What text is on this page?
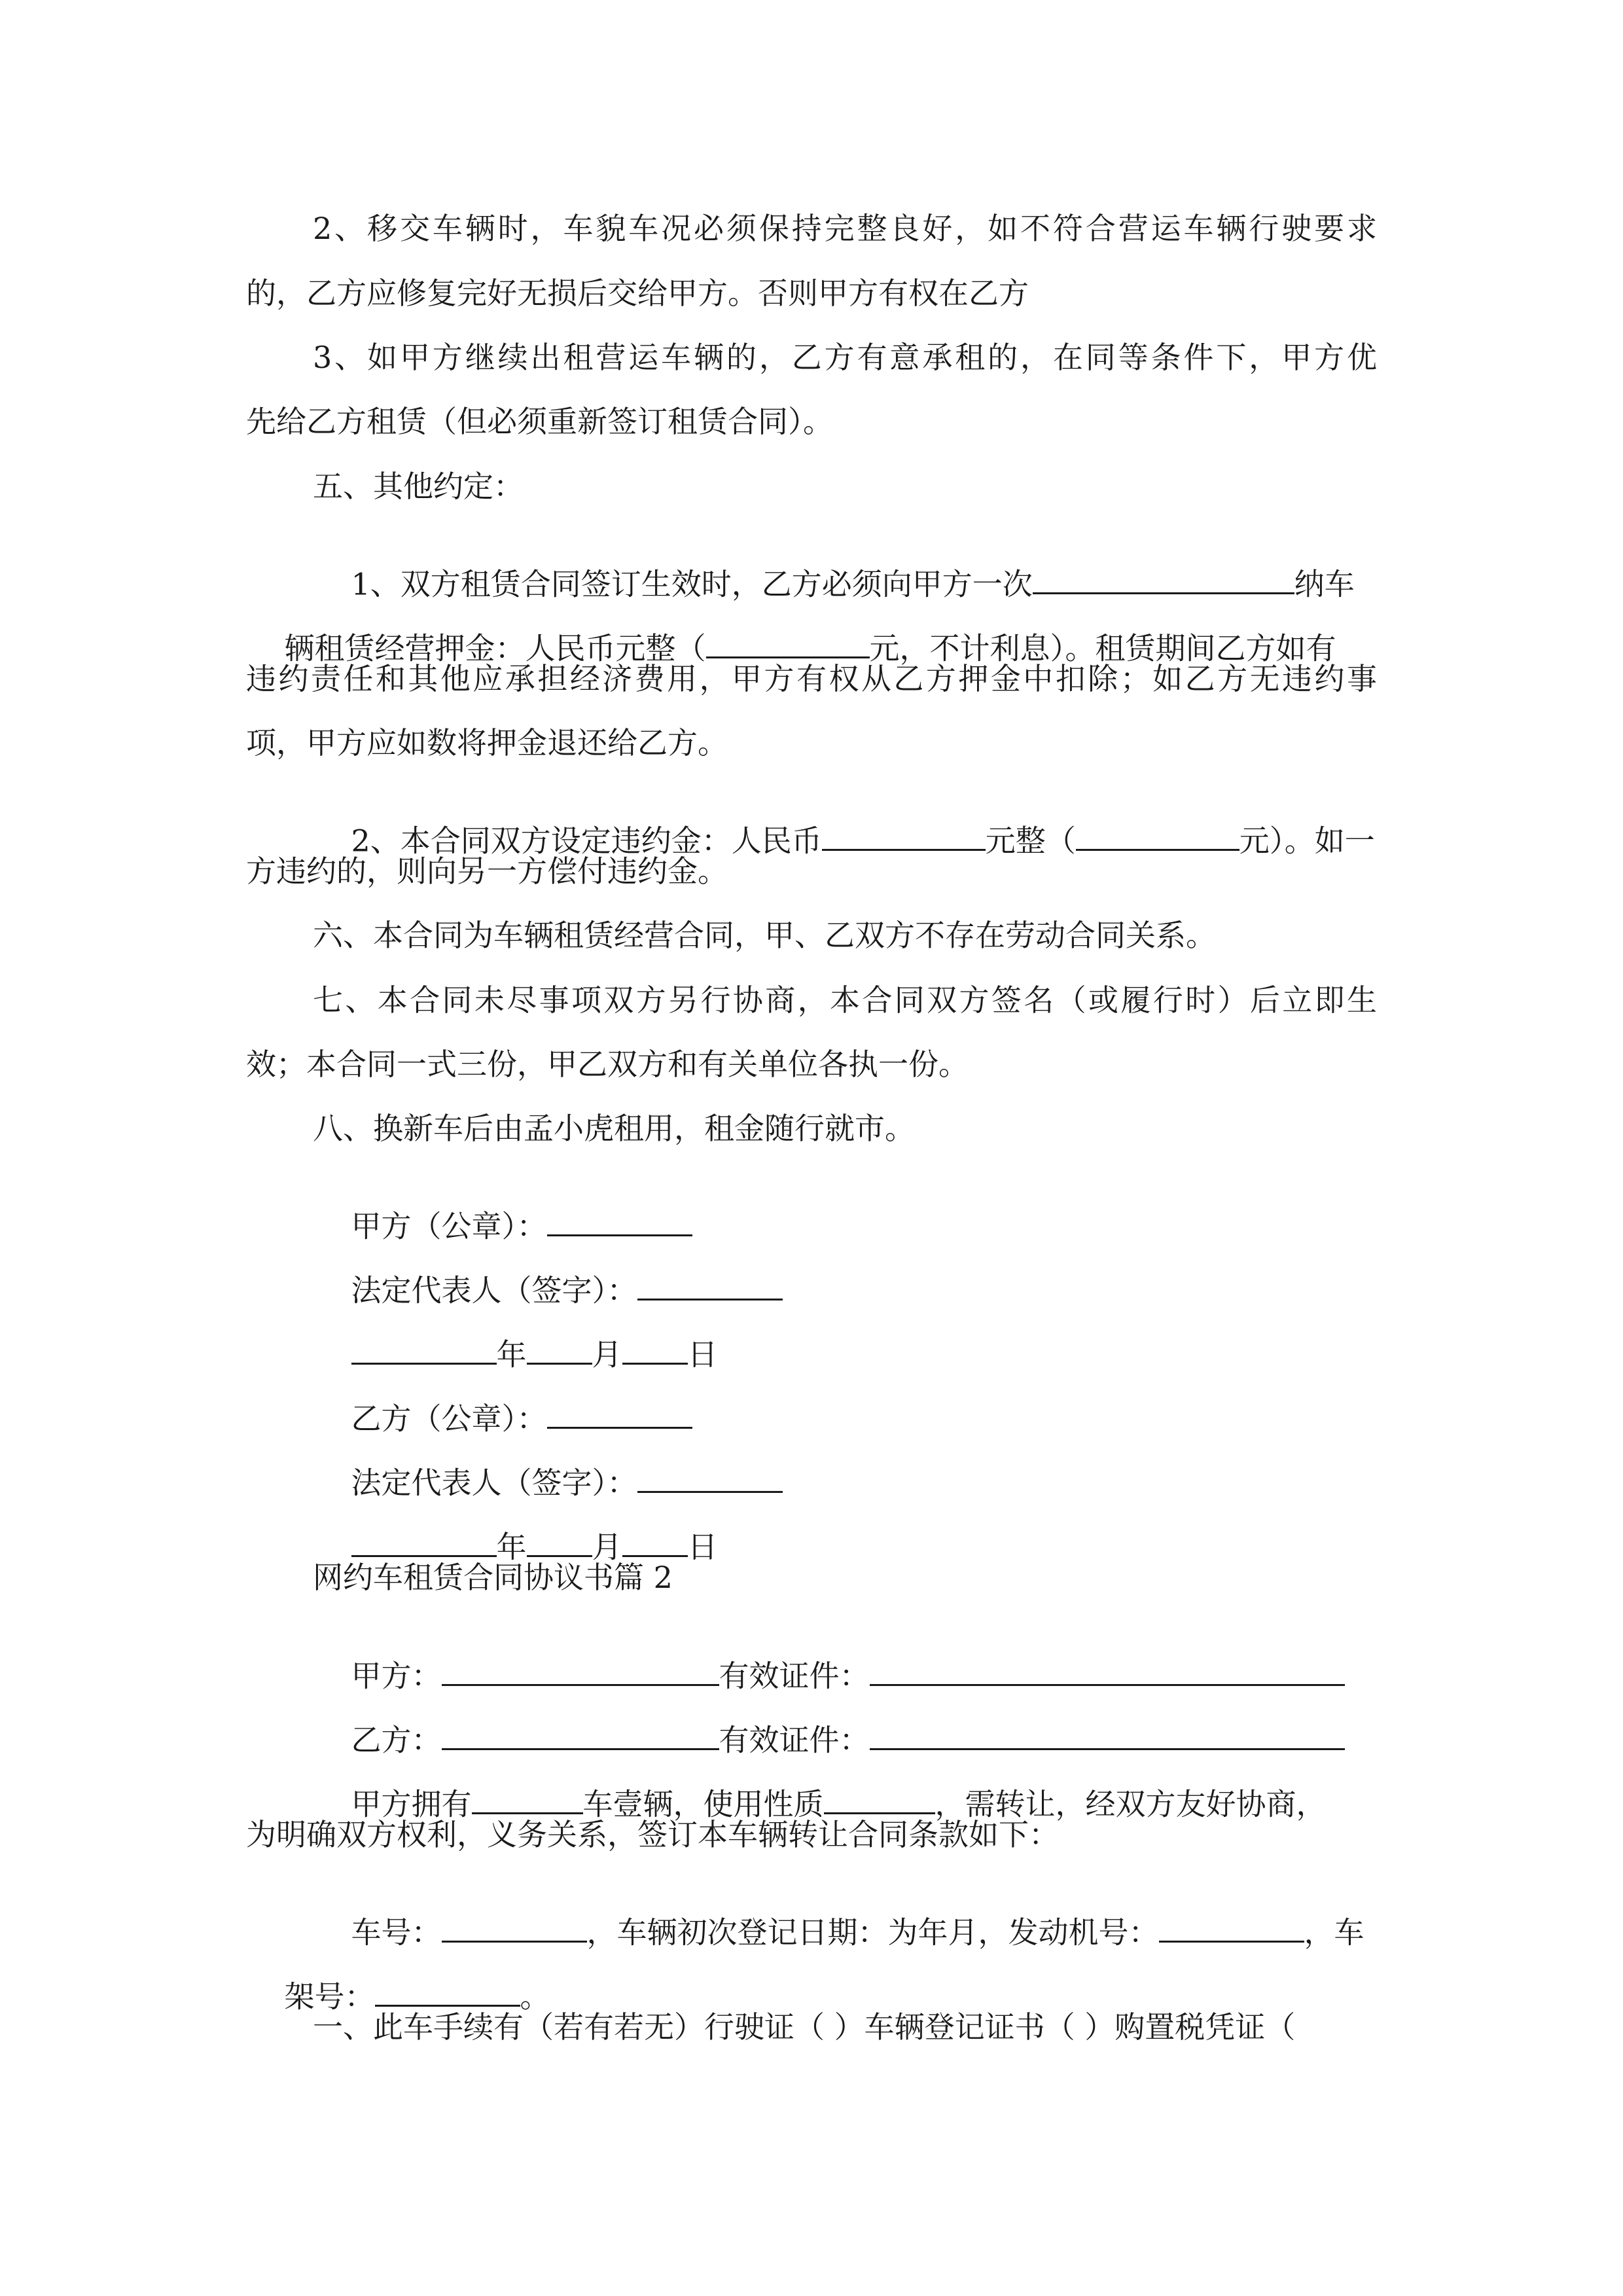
2、移交车辆时，车貌车况必须保持完整良好，如不符合营运车辆行驶要求
的，乙方应修复完好无损后交给甲方。否则甲方有权在乙方
3、如甲方继续出租营运车辆的，乙方有意承租的，在同等条件下，甲方优
先给乙方租赁（但必须重新签订租赁合同）。
五、其他约定：

1、双方租赁合同签订生效时，乙方必须向甲方一次	纳车

辆租赁经营押金：人民币元整（	元，不计利息）。租赁期间乙方如有

违约责任和其他应承担经济费用，甲方有权从乙方押金中扣除；如乙方无违约事
项，甲方应如数将押金退还给乙方。

2、本合同双方设定违约金：人民币	元整（	元）。如一

方违约的，则向另一方偿付违约金。
六、本合同为车辆租赁经营合同，甲、乙双方不存在劳动合同关系。
七、本合同未尽事项双方另行协商，本合同双方签名（或履行时）后立即生
效；本合同一式三份，甲乙双方和有关单位各执一份。
八、换新车后由孟小虎租用，租金随行就市。

甲方（公章）：

法定代表人（签字）：

年 月 日

乙方（公章）：

法定代表人（签字）：

年 月 日

网约车租赁合同协议书篇 2

甲方：	有效证件：

乙方：	有效证件：

甲方拥有	车壹辆，使用性质	，需转让，经双方友好协商，

为明确双方权利，义务关系，签订本车辆转让合同条款如下：

车号：	，车辆初次登记日期：为年月，发动机号：	，车

架号：	。

一、此车手续有（若有若无）行驶证（ ）车辆登记证书（ ）购置税凭证（
